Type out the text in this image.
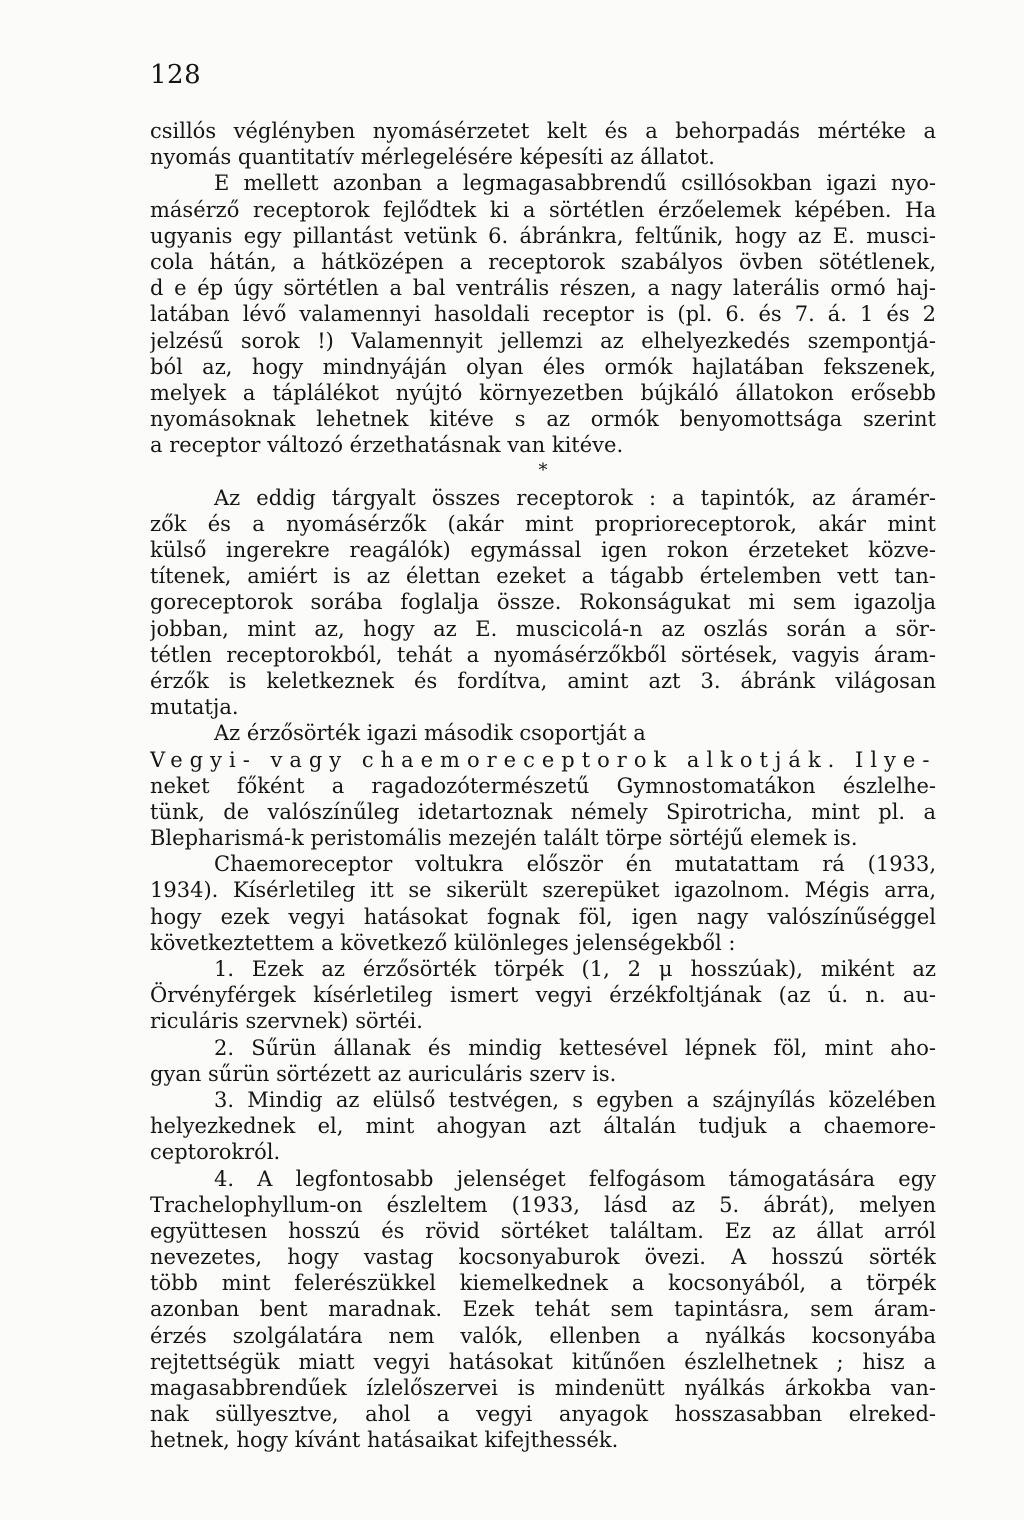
128
csillós véglényben nyomásérzetet kelt és a behorpadás mértéke a
nyomás quantitatív mérlegelésére képesíti az állatot.
E mellett azonban a legmagasabbrendű csillósokban igazi nyo-
másérző receptorok fejlődtek ki a sörtétlen érzőelemek képében. Ha
ugyanis egy pillantást vetünk 6. ábránkra, feltűnik, hogy az E. musci-
cola hátán, a hátközépen a receptorok szabályos övben sötétlenek,
d e ép úgy sörtétlen a bal ventrális részen, a nagy laterális ormó haj-
latában lévő valamennyi hasoldali receptor is (pl. 6. és 7. á. 1 és 2
jelzésű sorok !) Valamennyit jellemzi az elhelyezkedés szempontjá-
ból az, hogy mindnyáján olyan éles ormók hajlatában fekszenek,
melyek a táplálékot nyújtó környezetben bújkáló állatokon erősebb
nyomásoknak lehetnek kitéve s az ormók benyomottsága szerint
a receptor változó érzethatásnak van kitéve.
*
Az eddig tárgyalt összes receptorok : a tapintók, az áramér-
zők és a nyomásérzők (akár mint proprioreceptorok, akár mint
külső ingerekre reagálók) egymással igen rokon érzeteket közve-
títenek, amiért is az élettan ezeket a tágabb értelemben vett tan-
goreceptorok sorába foglalja össze. Rokonságukat mi sem igazolja
jobban, mint az, hogy az E. muscicolá-n az oszlás során a sör-
tétlen receptorokból, tehát a nyomásérzőkből sörtések, vagyis áram-
érzők is keletkeznek és fordítva, amint azt 3. ábránk világosan
mutatja.
Az érzősörték igazi második csoportját a
Vegyi- vagy chaemoreceptorok alkotják. Ilye-
neket főként a ragadozótermészetű Gymnostomatákon észlelhe-
tünk, de valószínűleg idetartoznak némely Spirotricha, mint pl. a
Blepharismá-k peristomális mezején talált törpe sörtéjű elemek is.
Chaemoreceptor voltukra először én mutatattam rá (1933,
1934). Kísérletileg itt se sikerült szerepüket igazolnom. Mégis arra,
hogy ezek vegyi hatásokat fognak föl, igen nagy valószínűséggel
következtettem a következő különleges jelenségekből :
1. Ezek az érzősörték törpék (1, 2 μ hosszúak), miként az
Örvényférgek kísérletileg ismert vegyi érzékfoltjának (az ú. n. au-
riculáris szervnek) sörtéi.
2. Sűrün állanak és mindig kettesével lépnek föl, mint aho-
gyan sűrün sörtézett az auriculáris szerv is.
3. Mindig az elülső testvégen, s egyben a szájnyílás közelében
helyezkednek el, mint ahogyan azt általán tudjuk a chaemore-
ceptorokról.
4. A legfontosabb jelenséget felfogásom támogatására egy
Trachelophyllum-on észleltem (1933, lásd az 5. ábrát), melyen
együttesen hosszú és rövid sörtéket találtam. Ez az állat arról
nevezetes, hogy vastag kocsonyaburok övezi. A hosszú sörték
több mint felerészükkel kiemelkednek a kocsonyából, a törpék
azonban bent maradnak. Ezek tehát sem tapintásra, sem áram-
érzés szolgálatára nem valók, ellenben a nyálkás kocsonyába
rejtettségük miatt vegyi hatásokat kitűnően észlelhetnek ; hisz a
magasabbrendűek ízlelőszervei is mindenütt nyálkás árkokba van-
nak süllyesztve, ahol a vegyi anyagok hosszasabban elreked-
hetnek, hogy kívánt hatásaikat kifejthessék.
